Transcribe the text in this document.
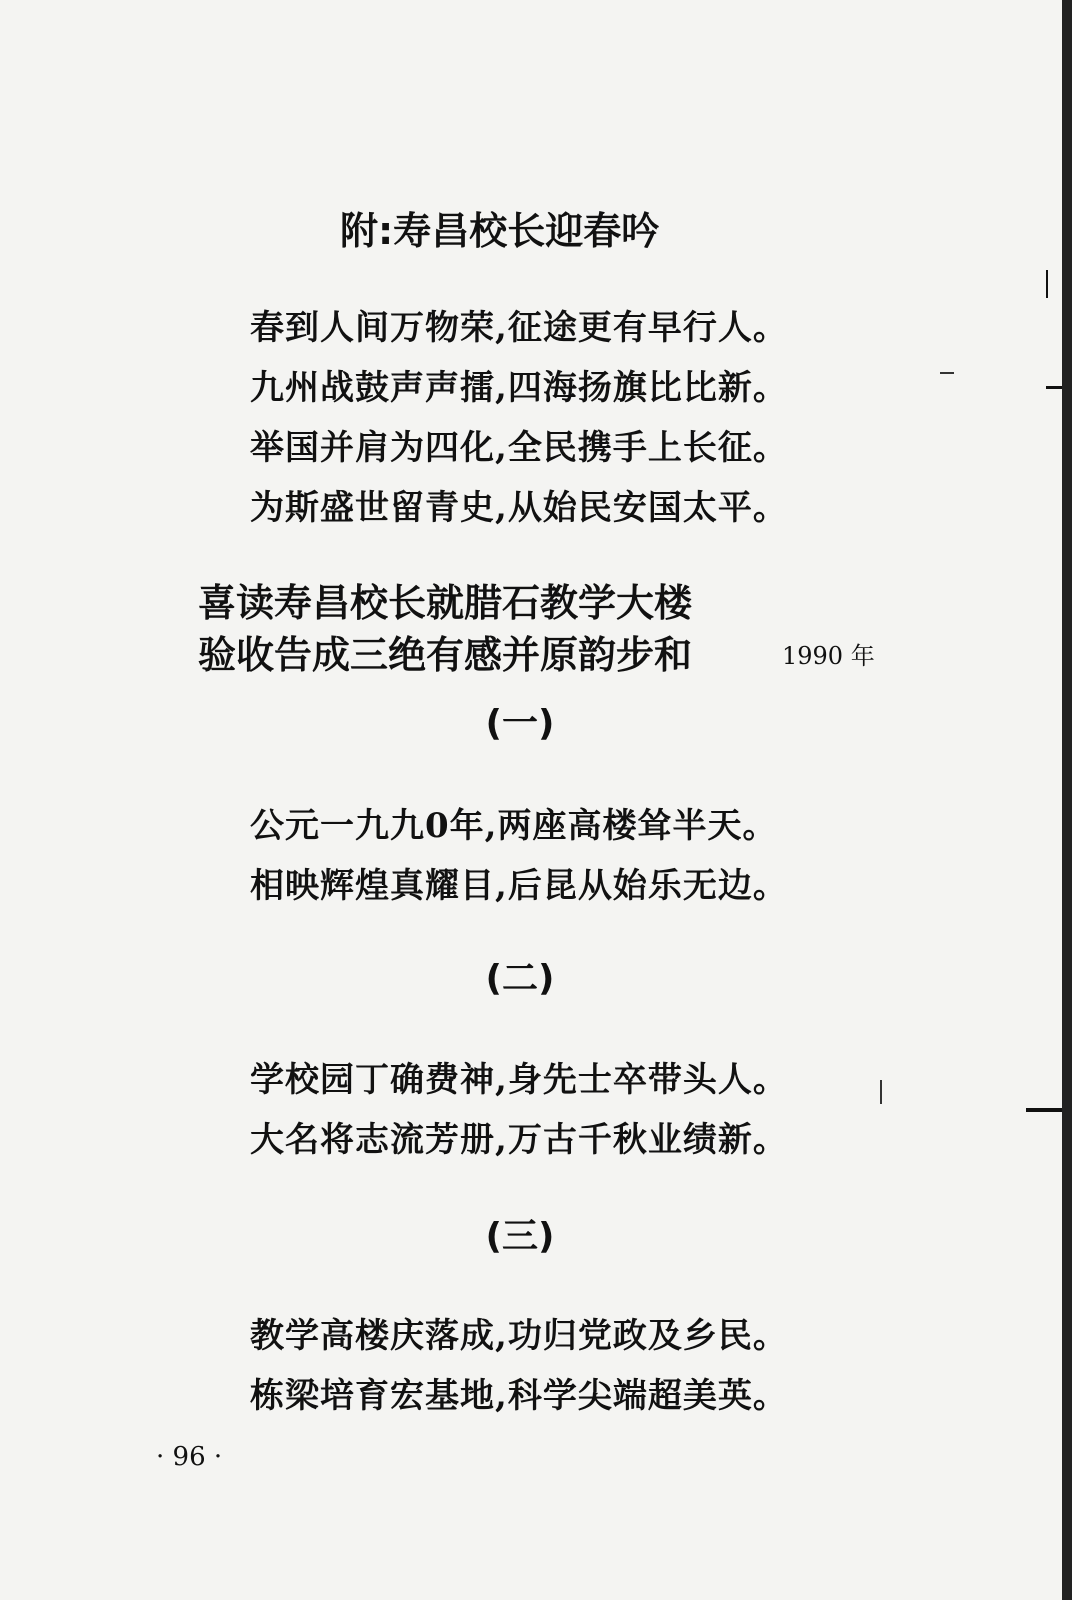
附:寿昌校长迎春吟
春到人间万物荣,征途更有早行人。
九州战鼓声声擂,四海扬旗比比新。
举国并肩为四化,全民携手上长征。
为斯盛世留青史,从始民安国太平。
喜读寿昌校长就腊石教学大楼
验收告成三绝有感并原韵步和	1990 年
(一)
公元一九九0年,两座高楼耸半天。
相映辉煌真耀目,后昆从始乐无边。
(二)
学校园丁确费神,身先士卒带头人。
大名将志流芳册,万古千秋业绩新。
(三)
教学高楼庆落成,功归党政及乡民。
栋梁培育宏基地,科学尖端超美英。
· 96 ·
